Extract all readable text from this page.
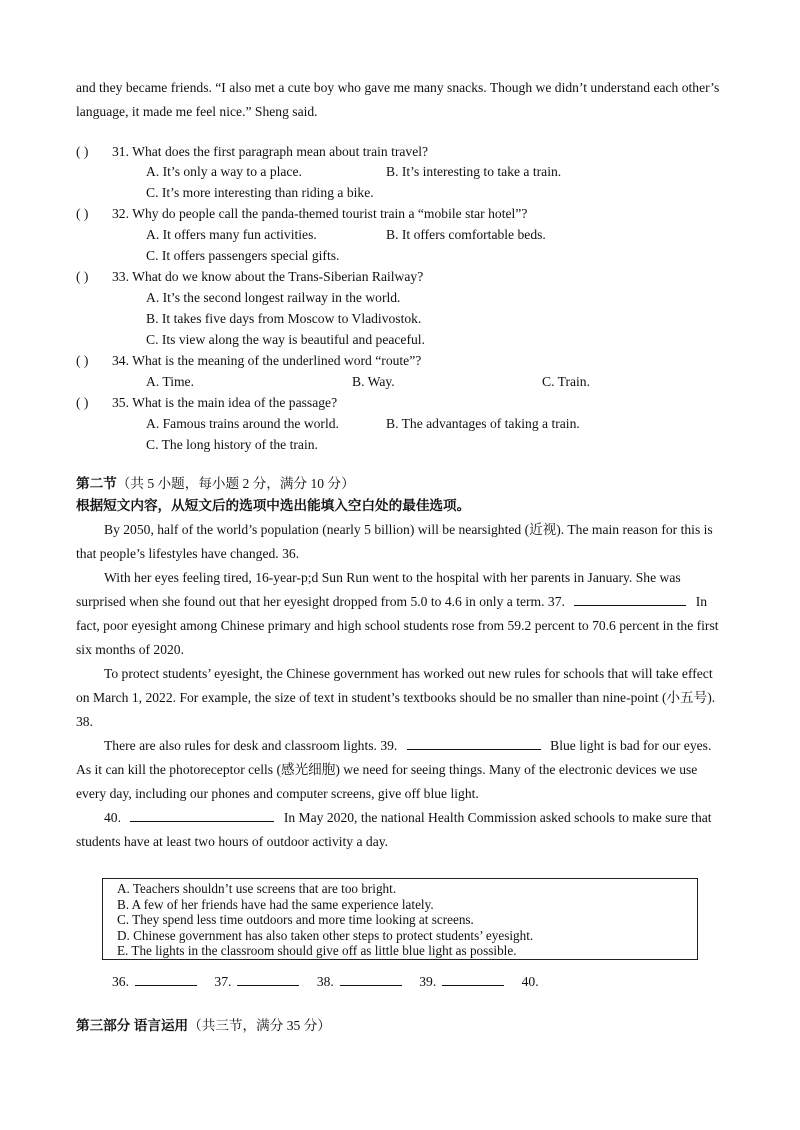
and they became friends. “I also met a cute boy who gave me many snacks. Though we didn’t understand each other’s language, it made me feel nice.” Sheng said.
( ) 31. What does the first paragraph mean about train travel?
A. It’s only a way to a place.	B. It’s interesting to take a train.
C. It’s more interesting than riding a bike.
( ) 32. Why do people call the panda-themed tourist train a “mobile star hotel”?
A. It offers many fun activities.	B. It offers comfortable beds.
C. It offers passengers special gifts.
( ) 33. What do we know about the Trans-Siberian Railway?
A. It’s the second longest railway in the world.
B. It takes five days from Moscow to Vladivostok.
C. Its view along the way is beautiful and peaceful.
( ) 34. What is the meaning of the underlined word “route”?
A. Time.	B. Way.	C. Train.
( ) 35. What is the main idea of the passage?
A. Famous trains around the world.	B. The advantages of taking a train.
C. The long history of the train.
第二节（共 5 小题，每小题 2 分，满分 10 分）
根据短文内容，从短文后的选项中选出能填入空白处的最佳选项。
By 2050, half of the world’s population (nearly 5 billion) will be nearsighted (近视). The main reason for this is that people’s lifestyles have changed. 36.
With her eyes feeling tired, 16-year-p;d Sun Run went to the hospital with her parents in January. She was surprised when she found out that her eyesight dropped from 5.0 to 4.6 in only a term. 37.	In fact, poor eyesight among Chinese primary and high school students rose from 59.2 percent to 70.6 percent in the first six months of 2020.
To protect students’ eyesight, the Chinese government has worked out new rules for schools that will take effect on March 1, 2022. For example, the size of text in student’s textbooks should be no smaller than nine-point (小五号). 38.
There are also rules for desk and classroom lights. 39.	Blue light is bad for our eyes. As it can kill the photoreceptor cells (感光细胞) we need for seeing things. Many of the electronic devices we use every day, including our phones and computer screens, give off blue light.
40.	In May 2020, the national Health Commission asked schools to make sure that students have at least two hours of outdoor activity a day.
A. Teachers shouldn’t use screens that are too bright.
B. A few of her friends have had the same experience lately.
C. They spend less time outdoors and more time looking at screens.
D. Chinese government has also taken other steps to protect students’ eyesight.
E. The lights in the classroom should give off as little blue light as possible.
36.	37.	38.	39.	40.
第三部分 语言运用（共三节，满分 35 分）
